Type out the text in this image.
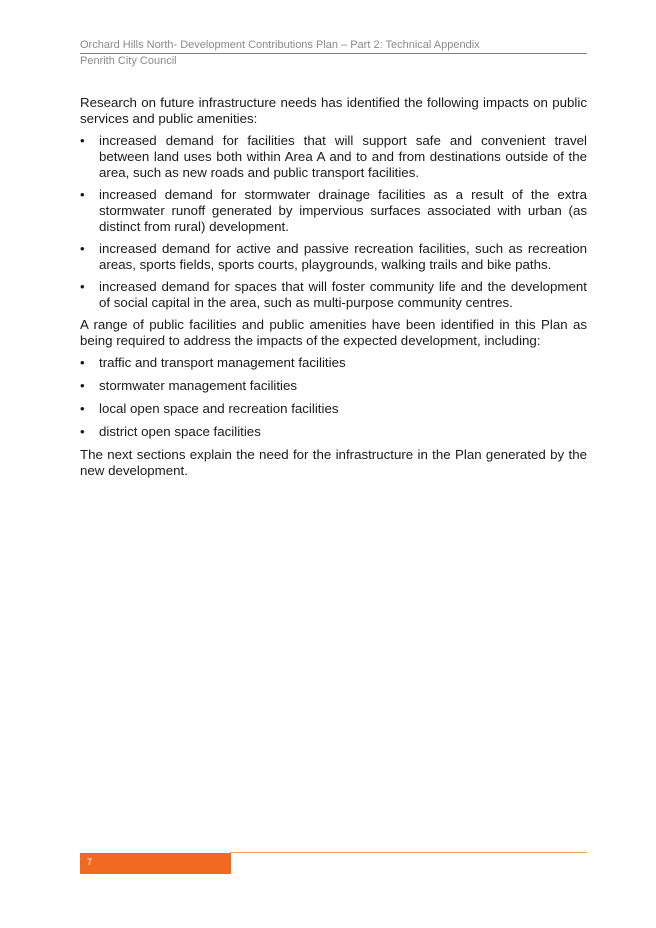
Orchard Hills North- Development Contributions Plan – Part 2: Technical Appendix
Penrith City Council

Research on future infrastructure needs has identified the following impacts on public services and public amenities:

•	increased demand for facilities that will support safe and convenient travel between land uses both within Area A and to and from destinations outside of the area, such as new roads and public transport facilities.
•	increased demand for stormwater drainage facilities as a result of the extra stormwater runoff generated by impervious surfaces associated with urban (as distinct from rural) development.
•	increased demand for active and passive recreation facilities, such as recreation areas, sports fields, sports courts, playgrounds, walking trails and bike paths.
•	increased demand for spaces that will foster community life and the development of social capital in the area, such as multi-purpose community centres.

A range of public facilities and public amenities have been identified in this Plan as being required to address the impacts of the expected development, including:

•	traffic and transport management facilities
•	stormwater management facilities
•	local open space and recreation facilities
•	district open space facilities

The next sections explain the need for the infrastructure in the Plan generated by the new development.

7
